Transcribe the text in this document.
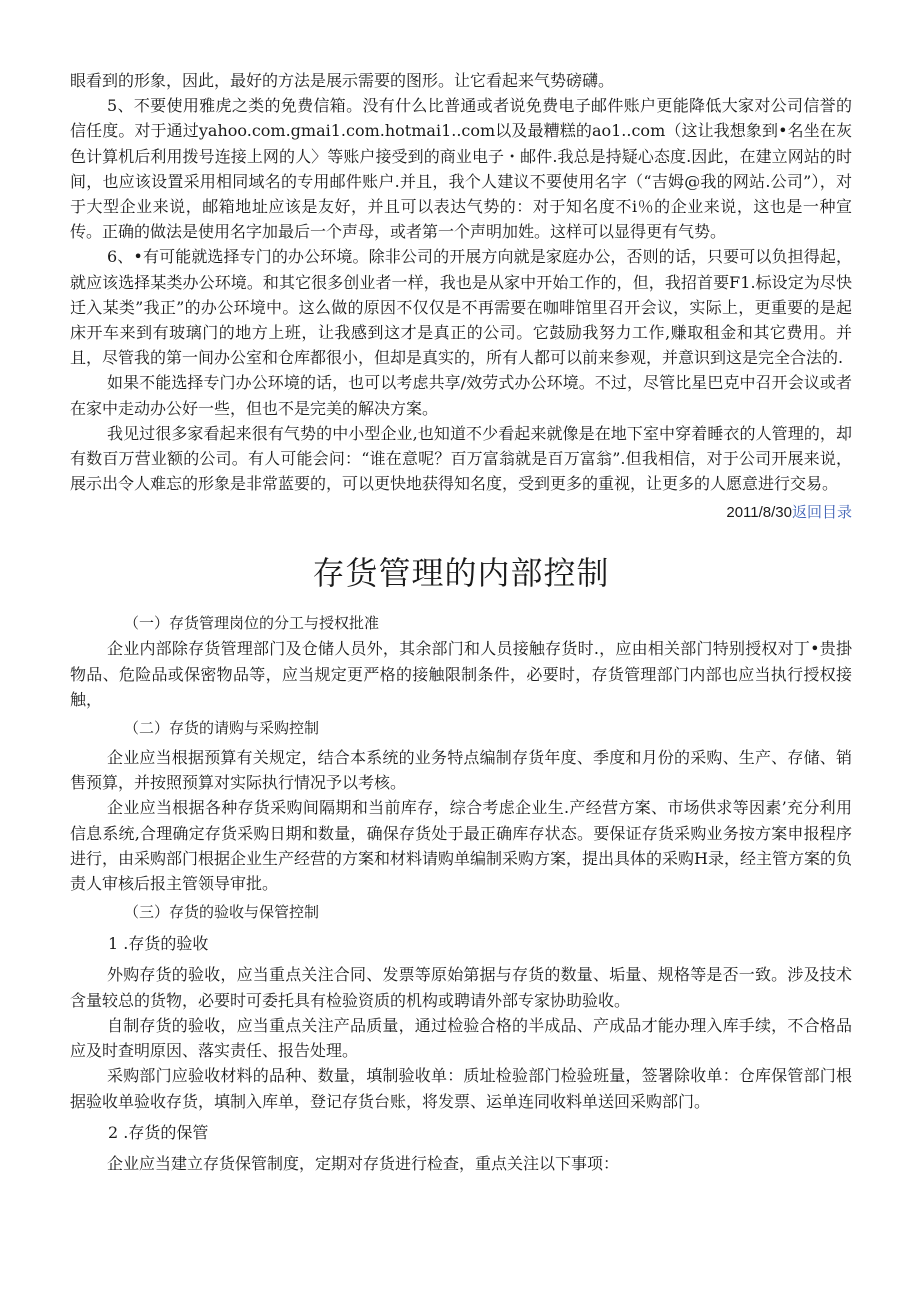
眼看到的形象，因此，最好的方法是展示需要的图形。让它看起来气势磅礴。

5、不要使用雅虎之类的免费信箱。没有什么比普通或者说免费电子邮件账户更能降低大家对公司信誉的信任度。对于通过yahoo.com.gmai1.com.hotmai1..com以及最糟糕的ao1..com（这让我想象到•名坐在灰色计算机后利用拨号连接上网的人〉等账户接受到的商业电子・邮件.我总是持疑心态度.因此，在建立网站的时间，也应该设置采用相同域名的专用邮件账户.并且，我个人建议不要使用名字（“吉姆@我的网站.公司”），对于大型企业来说，邮箱地址应该是友好，并且可以表达气势的：对于知名度不i％的企业来说，这也是一种宣传。正确的做法是使用名字加最后一个声母，或者第一个声明加姓。这样可以显得更有气势。

6、•有可能就选择专门的办公环境。除非公司的开展方向就是家庭办公，否则的话，只要可以负担得起，就应该选择某类办公环境。和其它很多创业者一样，我也是从家中开始工作的，但，我招首要F1.标设定为尽快迁入某类”我正”的办公环境中。这么做的原因不仅仅是不再需要在咖啡馆里召开会议，实际上，更重要的是起床开车来到有玻璃门的地方上班，让我感到这才是真正的公司。它鼓励我努力工作,赚取租金和其它费用。并且，尽管我的第一间办公室和仓库都很小，但却是真实的，所有人都可以前来参观，并意识到这是完全合法的.

如果不能选择专门办公环境的话，也可以考虑共享/效劳式办公环境。不过，尽管比星巴克中召开会议或者在家中走动办公好一些，但也不是完美的解决方案。

我见过很多家看起来很有气势的中小型企业,也知道不少看起来就像是在地下室中穿着睡衣的人管理的，却有数百万营业额的公司。有人可能会问：“谁在意呢？百万富翁就是百万富翁”.但我相信，对于公司开展来说，展示出令人难忘的形象是非常蓝要的，可以更快地获得知名度，受到更多的重视，让更多的人愿意进行交易。

2011/8/30返回目录
存货管理的内部控制

（一）存货管理岗位的分工与授权批准

企业内部除存货管理部门及仓储人员外，其余部门和人员接触存货时.，应由相关部门特别授权对丁•贵掛物品、危险品或保密物品等，应当规定更严格的接触限制条件，必要时，存货管理部门内部也应当执行授权接触，

（二）存货的请购与采购控制

企业应当根据预算有关规定，结合本系统的业务特点编制存货年度、季度和月份的采购、生产、存储、销售预算，并按照预算对实际执行情况予以考核。

企业应当根据各种存货采购间隔期和当前库存，综合考虑企业生.产经营方案、市场供求等因素’充分利用信息系统,合理确定存货采购日期和数量，确保存货处于最正确库存状态。要保证存货采购业务按方案申报程序进行，由采购部门根据企业生产经营的方案和材料请购单编制采购方案，提出具体的采购H录，经主管方案的负责人审核后报主管领导审批。

（三）存货的验收与保管控制

1 .存货的验收

外购存货的验收，应当重点关注合同、发票等原始第据与存货的数量、垢量、规格等是否一致。涉及技术含量较总的货物，必要时可委托具有检验资质的机构或聘请外部专家协助验收。

自制存货的验收，应当重点关注产品质量，通过检验合格的半成品、产成品才能办理入库手续，不合格品应及时查明原因、落实责任、报告处理。

采购部门应验收材料的品种、数量，填制验收单：质址检验部门检验班量，签署除收单：仓库保管部门根据验收单验收存货，填制入库单，登记存货台账，将发票、运单连同收料单送回采购部门。

2 .存货的保管

企业应当建立存货保管制度，定期对存货进行检查，重点关注以下事项：
